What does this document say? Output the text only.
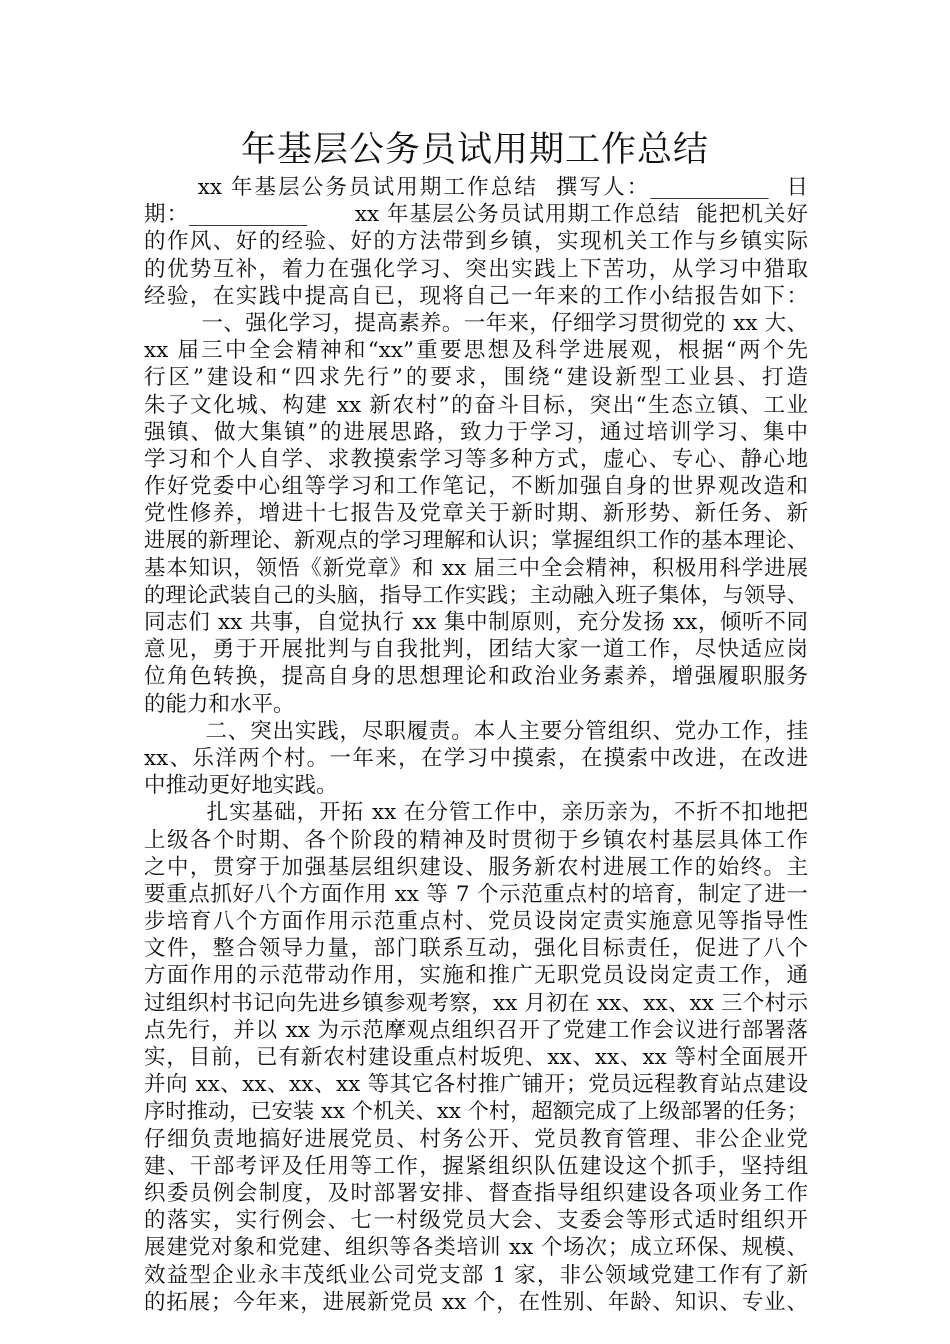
年基层公务员试用期工作总结
xx 年基层公务员试用期工作总结  撰写人：___________  日
期：___________      xx 年基层公务员试用期工作总结  能把机关好
的作风、好的经验、好的方法带到乡镇，实现机关工作与乡镇实际
的优势互补，着力在强化学习、突出实践上下苦功，从学习中猎取
经验，在实践中提高自已，现将自己一年来的工作小结报告如下：
一、强化学习，提高素养。一年来，仔细学习贯彻党的 xx 大、
xx 届三中全会精神和“xx”重要思想及科学进展观，根据“两个先
行区”建设和“四求先行”的要求，围绕“建设新型工业县、打造
朱子文化城、构建 xx 新农村”的奋斗目标，突出“生态立镇、工业
强镇、做大集镇”的进展思路，致力于学习，通过培训学习、集中
学习和个人自学、求教摸索学习等多种方式，虚心、专心、静心地
作好党委中心组等学习和工作笔记，不断加强自身的世界观改造和
党性修养，增进十七报告及党章关于新时期、新形势、新任务、新
进展的新理论、新观点的学习理解和认识；掌握组织工作的基本理论、
基本知识，领悟《新党章》和 xx 届三中全会精神，积极用科学进展
的理论武装自己的头脑，指导工作实践；主动融入班子集体，与领导、
同志们 xx 共事，自觉执行 xx 集中制原则，充分发扬 xx，倾听不同
意见，勇于开展批判与自我批判，团结大家一道工作，尽快适应岗
位角色转换，提高自身的思想理论和政治业务素养，增强履职服务
的能力和水平。
二、突出实践，尽职履责。本人主要分管组织、党办工作，挂
xx、乐洋两个村。一年来，在学习中摸索，在摸索中改进，在改进
中推动更好地实践。
扎实基础，开拓 xx 在分管工作中，亲历亲为，不折不扣地把
上级各个时期、各个阶段的精神及时贯彻于乡镇农村基层具体工作
之中，贯穿于加强基层组织建设、服务新农村进展工作的始终。主
要重点抓好八个方面作用 xx 等 7 个示范重点村的培育，制定了进一
步培育八个方面作用示范重点村、党员设岗定责实施意见等指导性
文件，整合领导力量，部门联系互动，强化目标责任，促进了八个
方面作用的示范带动作用，实施和推广无职党员设岗定责工作，通
过组织村书记向先进乡镇参观考察，xx 月初在 xx、xx、xx 三个村示
点先行，并以 xx 为示范摩观点组织召开了党建工作会议进行部署落
实，目前，已有新农村建设重点村坂兜、xx、xx、xx 等村全面展开
并向 xx、xx、xx、xx 等其它各村推广铺开；党员远程教育站点建设
序时推动，已安装 xx 个机关、xx 个村，超额完成了上级部署的任务；
仔细负责地搞好进展党员、村务公开、党员教育管理、非公企业党
建、干部考评及任用等工作，握紧组织队伍建设这个抓手，坚持组
织委员例会制度，及时部署安排、督查指导组织建设各项业务工作
的落实，实行例会、七一村级党员大会、支委会等形式适时组织开
展建党对象和党建、组织等各类培训 xx 个场次；成立环保、规模、
效益型企业永丰茂纸业公司党支部 1 家，非公领域党建工作有了新
的拓展；今年来，进展新党员 xx 个，在性别、年龄、知识、专业、
